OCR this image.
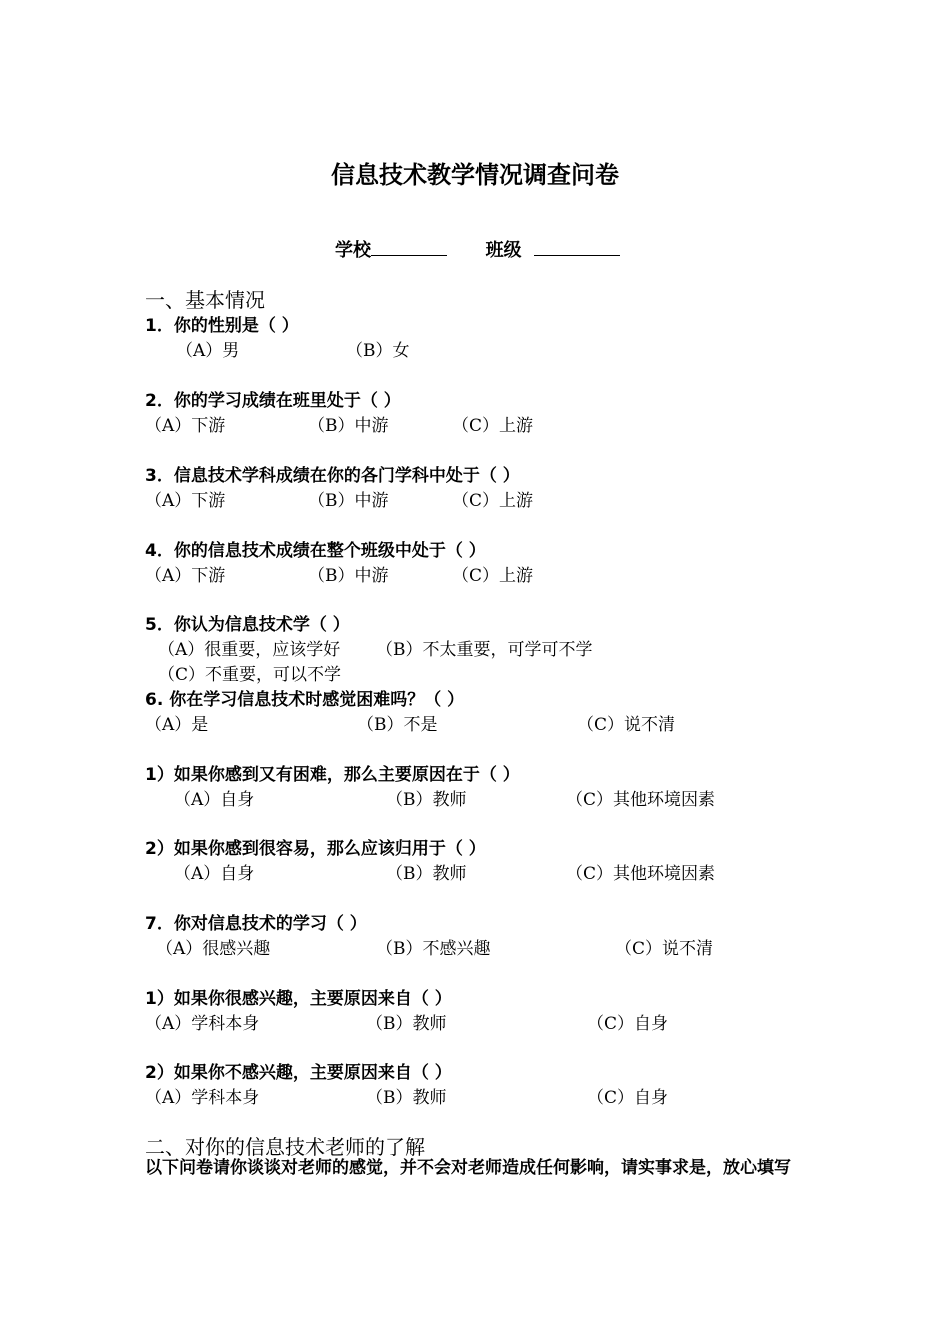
信息技术教学情况调查问卷
学校	班级
一、基本情况
1．你的性别是（ ）
（A）男	（B）女
2．你的学习成绩在班里处于（ ）
（A）下游	（B）中游	（C）上游
3．信息技术学科成绩在你的各门学科中处于（ ）
（A）下游	（B）中游	（C）上游
4．你的信息技术成绩在整个班级中处于（ ）
（A）下游	（B）中游	（C）上游
5．你认为信息技术学（ ）
（A）很重要，应该学好 （B）不太重要，可学可不学
（C）不重要，可以不学
6. 你在学习信息技术时感觉困难吗？（ ）
（A）是	（B）不是	（C）说不清
1）如果你感到又有困难，那么主要原因在于（ ）
（A）自身	（B）教师	（C）其他环境因素
2）如果你感到很容易，那么应该归用于（ ）
（A）自身	（B）教师	（C）其他环境因素
7．你对信息技术的学习（ ）
（A）很感兴趣	（B）不感兴趣	（C）说不清
1）如果你很感兴趣，主要原因来自（ ）
（A）学科本身	（B）教师	（C）自身
2）如果你不感兴趣，主要原因来自（ ）
（A）学科本身	（B）教师	（C）自身
二、对你的信息技术老师的了解
以下问卷请你谈谈对老师的感觉，并不会对老师造成任何影响，请实事求是，放心填写
